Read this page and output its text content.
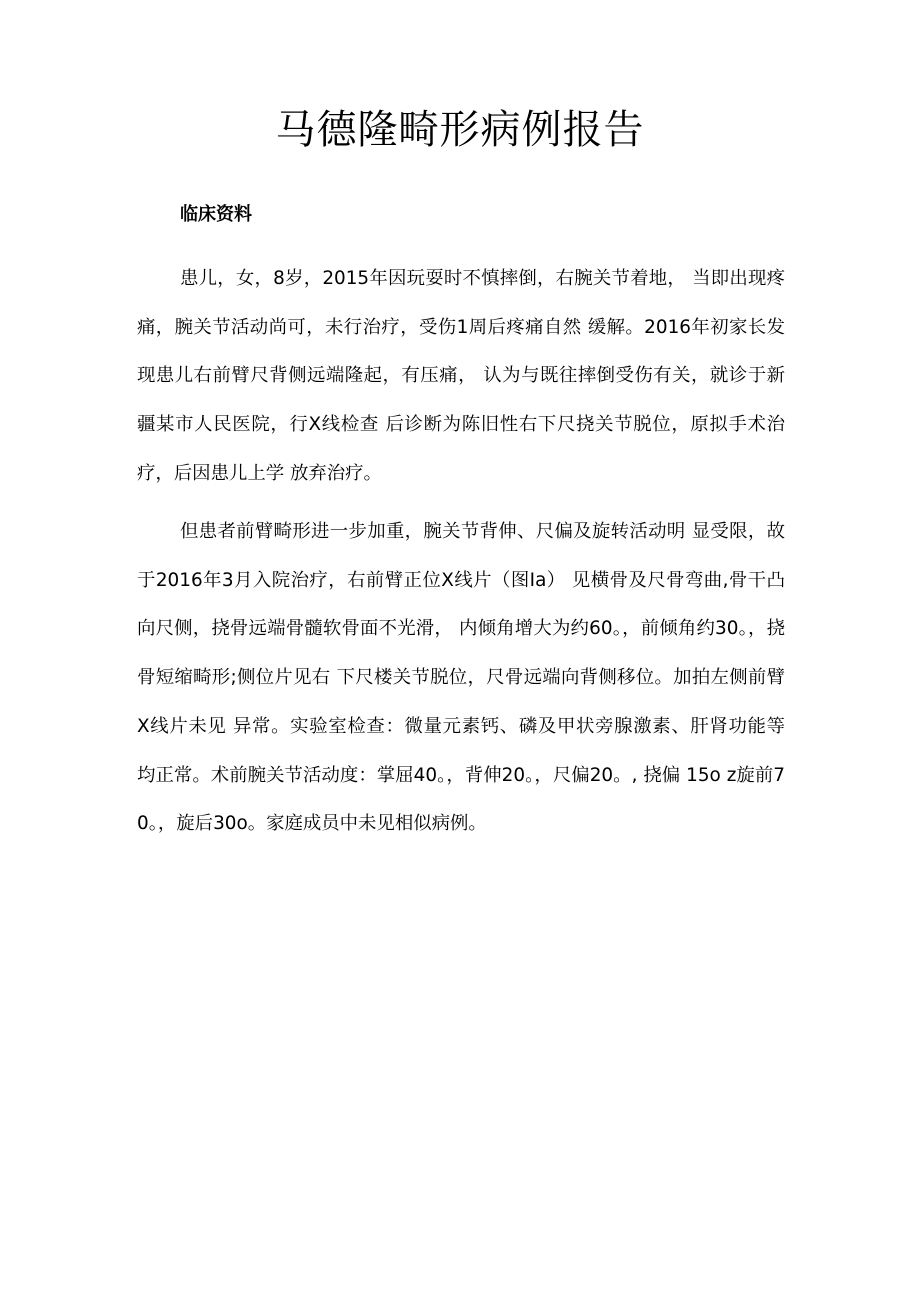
马德隆畸形病例报告
临床资料

患儿，女，8岁，2015年因玩耍时不慎摔倒，右腕关节着地， 当即出现疼痛，腕关节活动尚可，未行治疗，受伤1周后疼痛自然 缓解。2016年初家长发现患儿右前臂尺背侧远端隆起，有压痛， 认为与既往摔倒受伤有关，就诊于新疆某市人民医院，行X线检查 后诊断为陈旧性右下尺挠关节脱位，原拟手术治疗，后因患儿上学 放弃治疗。

但患者前臂畸形进一步加重，腕关节背伸、尺偏及旋转活动明 显受限，故于2016年3月入院治疗，右前臂正位X线片（图Ia） 见横骨及尺骨弯曲,骨干凸向尺侧，挠骨远端骨髓软骨面不光滑， 内倾角增大为约60。，前倾角约30。，挠骨短缩畸形;侧位片见右 下尺楼关节脱位，尺骨远端向背侧移位。加拍左侧前臂X线片未见 异常。实验室检查：微量元素钙、磷及甲状旁腺激素、肝肾功能等 均正常。术前腕关节活动度：掌屈40。，背伸20。，尺偏20。, 挠偏 15o z旋前70。，旋后30o。家庭成员中未见相似病例。
